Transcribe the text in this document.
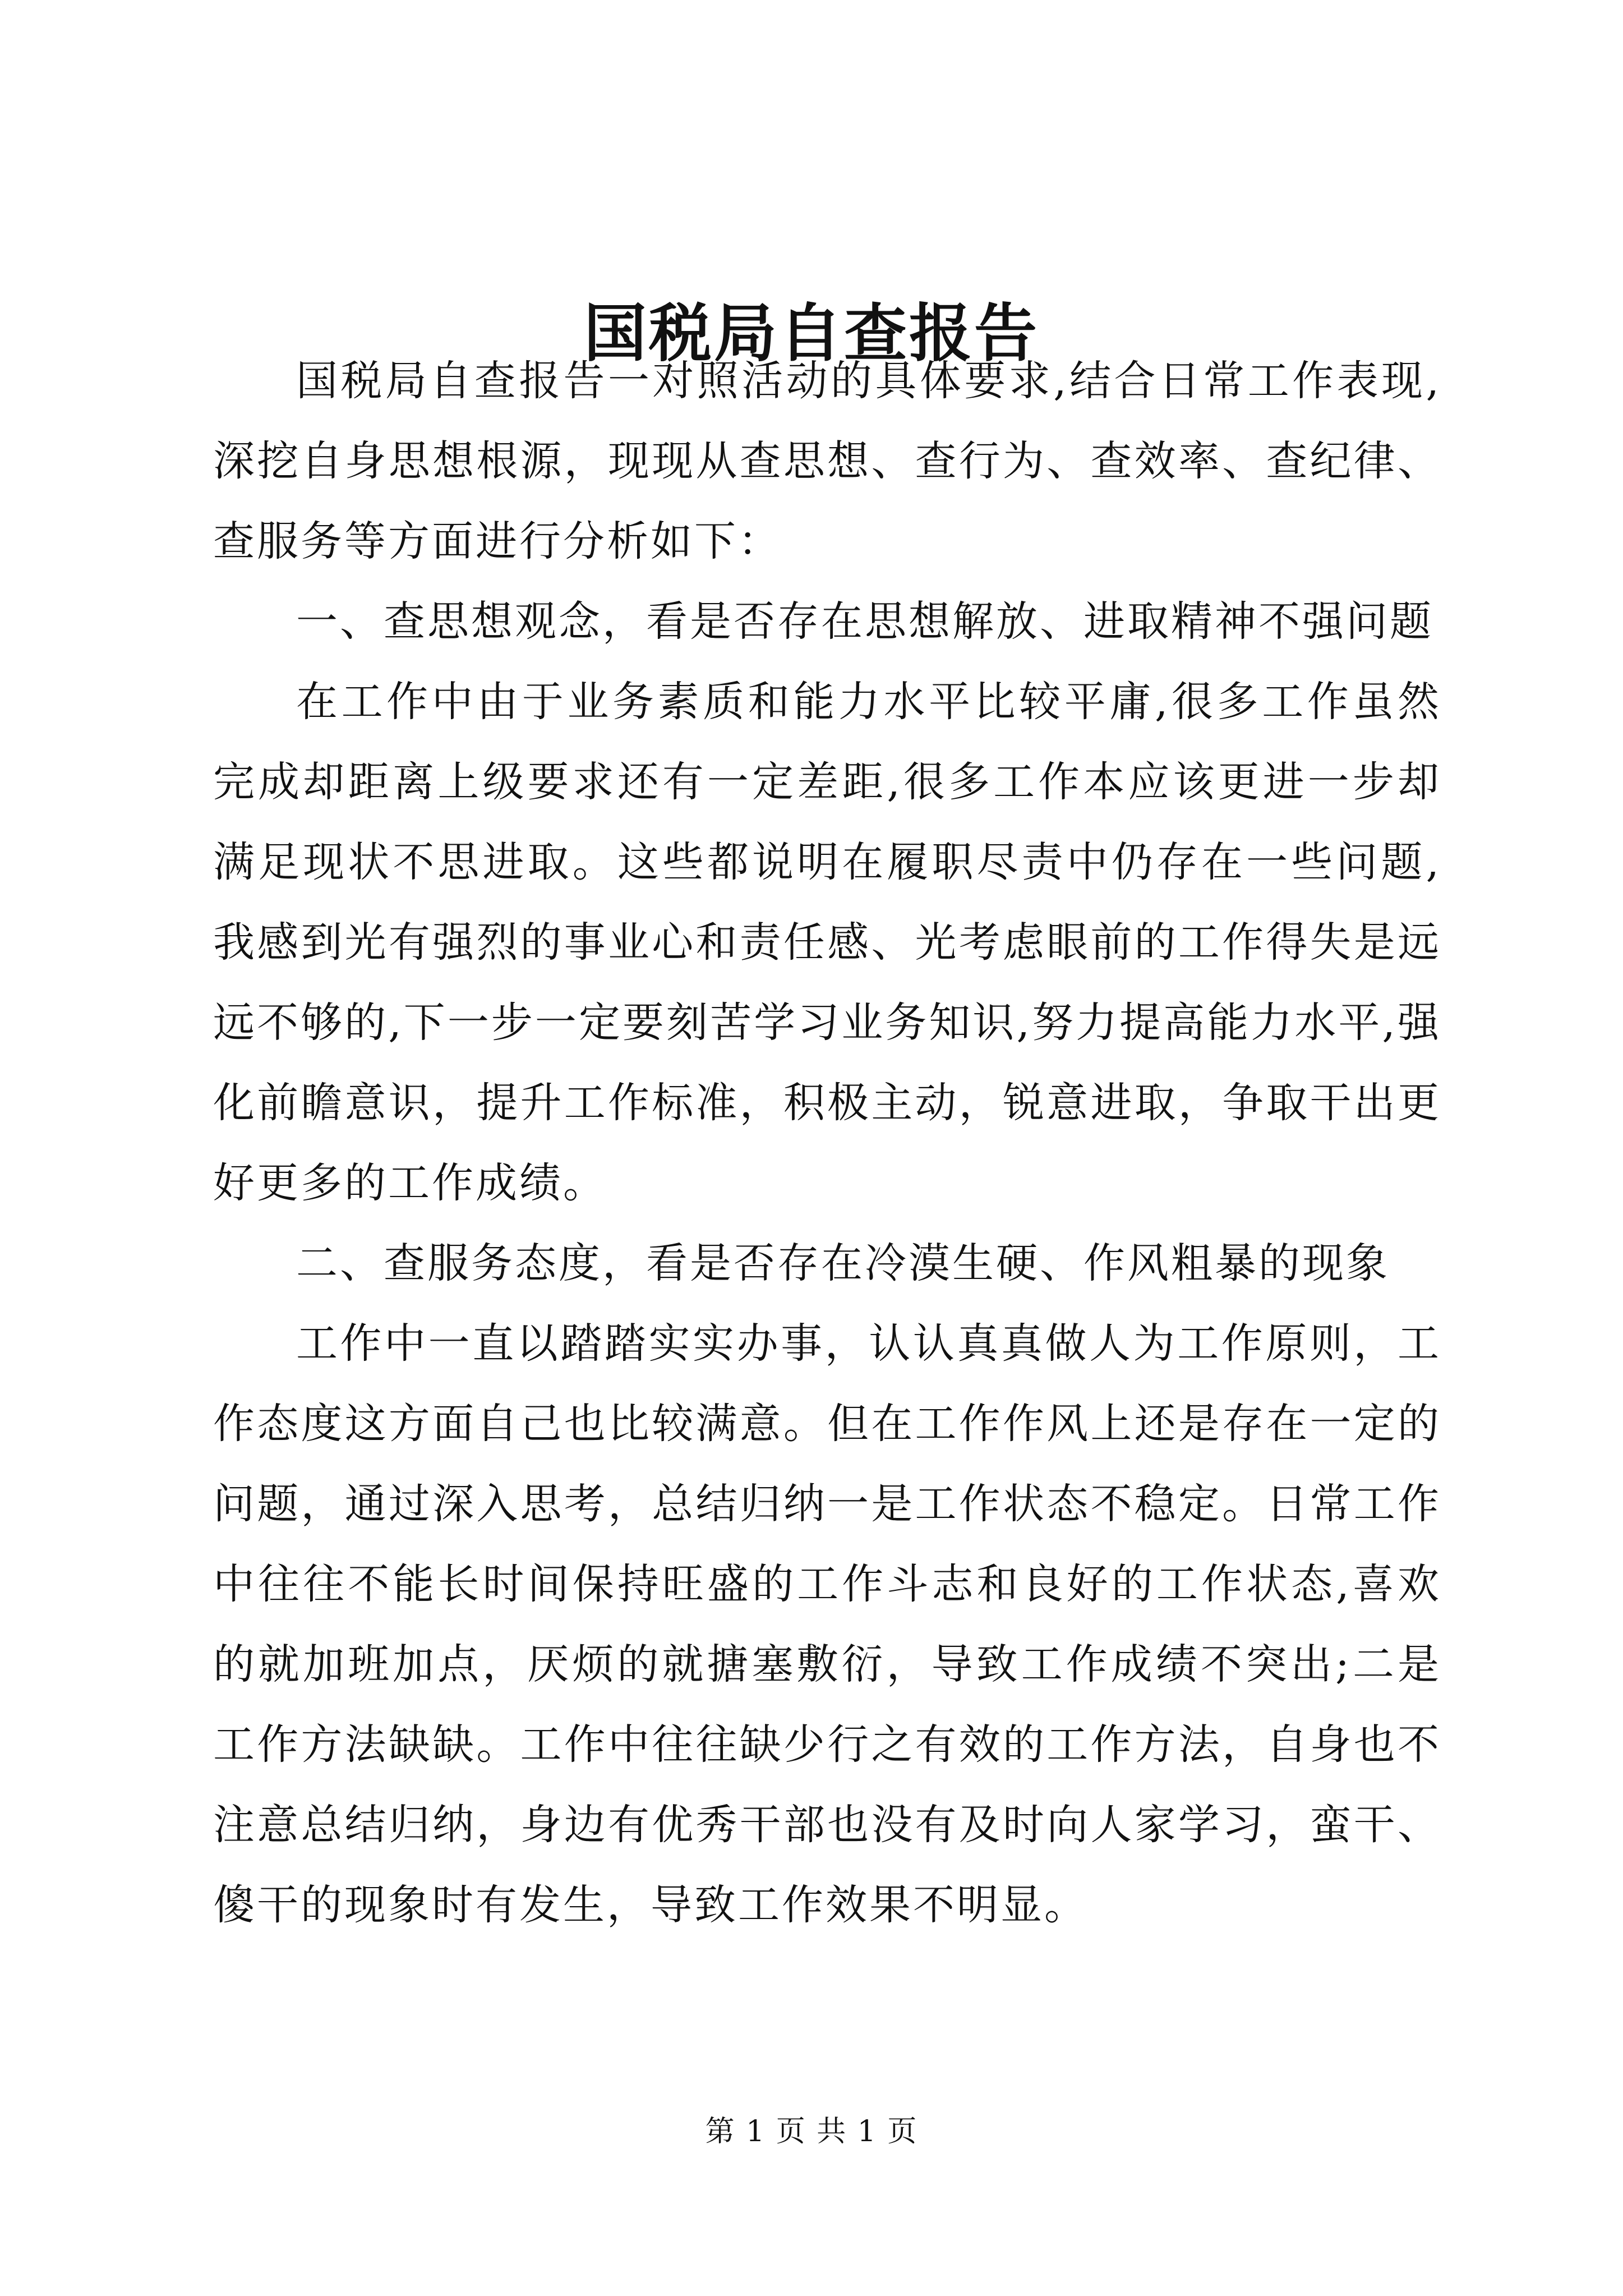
国税局自查报告

国税局自查报告一对照活动的具体要求,结合日常工作表现,深挖自身思想根源，现现从查思想、查行为、查效率、查纪律、查服务等方面进行分析如下：

一、查思想观念，看是否存在思想解放、进取精神不强问题

在工作中由于业务素质和能力水平比较平庸,很多工作虽然完成却距离上级要求还有一定差距,很多工作本应该更进一步却满足现状不思进取。这些都说明在履职尽责中仍存在一些问题,我感到光有强烈的事业心和责任感、光考虑眼前的工作得失是远远不够的,下一步一定要刻苦学习业务知识,努力提高能力水平,强化前瞻意识，提升工作标准，积极主动，锐意进取，争取干出更好更多的工作成绩。

二、查服务态度，看是否存在冷漠生硬、作风粗暴的现象

工作中一直以踏踏实实办事，认认真真做人为工作原则，工作态度这方面自己也比较满意。但在工作作风上还是存在一定的问题，通过深入思考，总结归纳一是工作状态不稳定。日常工作中往往不能长时间保持旺盛的工作斗志和良好的工作状态,喜欢的就加班加点，厌烦的就搪塞敷衍，导致工作成绩不突出;二是工作方法缺缺。工作中往往缺少行之有效的工作方法，自身也不注意总结归纳，身边有优秀干部也没有及时向人家学习，蛮干、傻干的现象时有发生，导致工作效果不明显。

第 1 页 共 1 页
